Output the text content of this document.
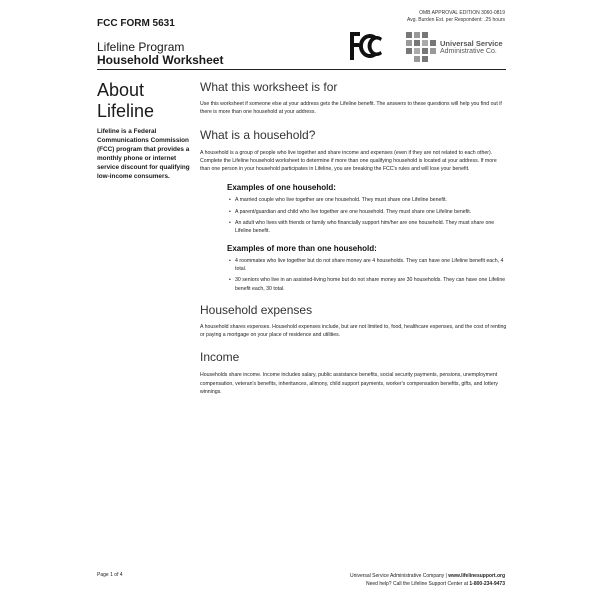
FCC FORM 5631
OMB APPROVAL EDITION 3060-0819
Avg. Burden Est. per Respondent: .25 hours
Lifeline Program
Household Worksheet
Universal Service
Administrative Co.
About Lifeline
Lifeline is a Federal Communications Commission (FCC) program that provides a monthly phone or internet service discount for qualifying low-income consumers.
What this worksheet is for
Use this worksheet if someone else at your address gets the Lifeline benefit. The answers to these questions will help you find out if there is more than one household at your address.
What is a household?
A household is a group of people who live together and share income and expenses (even if they are not related to each other). Complete the Lifeline household worksheet to determine if more than one qualifying household is located at your address. If more than one person in your household participates in Lifeline, you are breaking the FCC's rules and will lose your benefit.
Examples of one household:
• A married couple who live together are one household. They must share one Lifeline benefit.
• A parent/guardian and child who live together are one household. They must share one Lifeline benefit.
• An adult who lives with friends or family who financially support him/her are one household. They must share one Lifeline benefit.
Examples of more than one household:
• 4 roommates who live together but do not share money are 4 households. They can have one Lifeline benefit each, 4 total.
• 30 seniors who live in an assisted-living home but do not share money are 30 households. They can have one Lifeline benefit each, 30 total.
Household expenses
A household shares expenses. Household expenses include, but are not limited to, food, healthcare expenses, and the cost of renting or paying a mortgage on your place of residence and utilities.
Income
Households share income. Income includes salary, public assistance benefits, social security payments, pensions, unemployment compensation, veteran's benefits, inheritances, alimony, child support payments, worker's compensation benefits, gifts, and lottery winnings.
Page 1 of 4	Universal Service Administrative Company | www.lifelinesupport.org
Need help? Call the Lifeline Support Center at 1-800-234-9473
